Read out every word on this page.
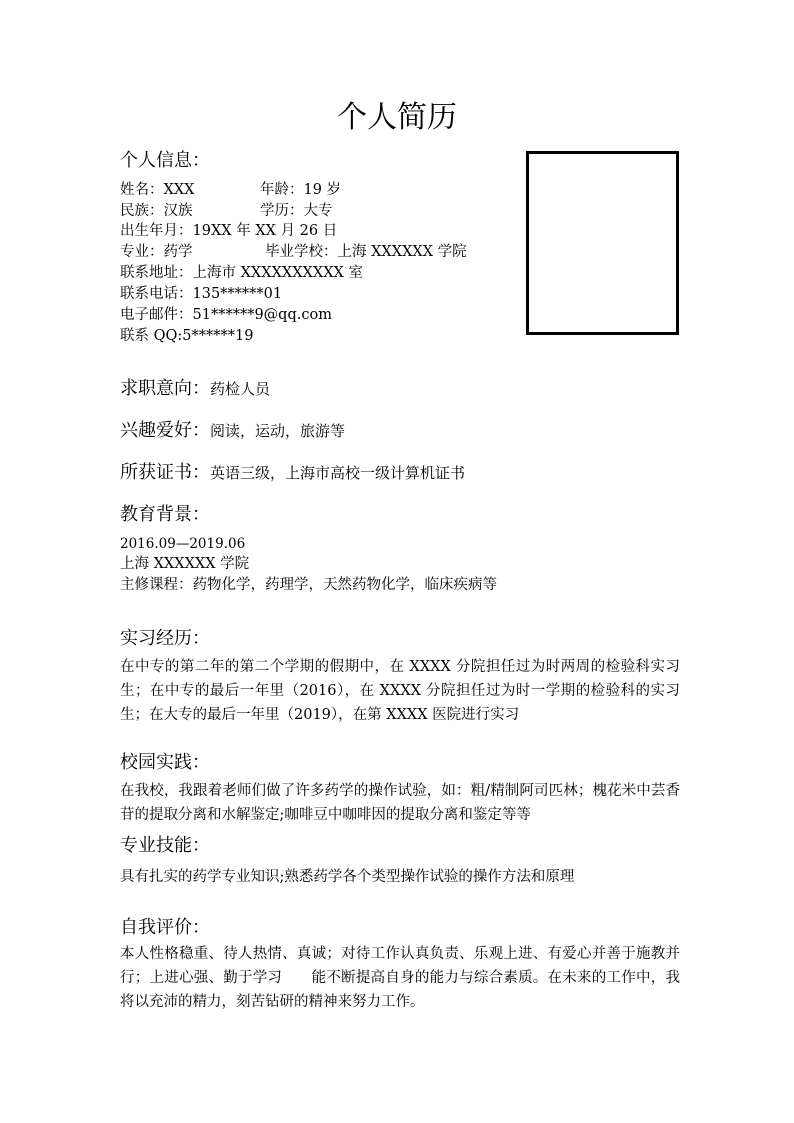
个人简历
个人信息：
姓名：XXX	年龄：19 岁
民族：汉族	学历：大专
出生年月：19XX 年 XX 月 26 日
专业：药学	毕业学校：上海 XXXXXX 学院
联系地址：上海市 XXXXXXXXXX 室
联系电话：135******01
电子邮件：51******9@qq.com
联系 QQ:5******19
求职意向：药检人员
兴趣爱好：阅读，运动，旅游等
所获证书：英语三级，上海市高校一级计算机证书
教育背景：
2016.09—2019.06
上海 XXXXXX 学院
主修课程：药物化学，药理学，天然药物化学，临床疾病等
实习经历：
在中专的第二年的第二个学期的假期中，在 XXXX 分院担任过为时两周的检验科实习生；在中专的最后一年里（2016），在 XXXX 分院担任过为时一学期的检验科的实习生；在大专的最后一年里（2019），在第 XXXX 医院进行实习
校园实践：
在我校，我跟着老师们做了许多药学的操作试验，如：粗/精制阿司匹林；槐花米中芸香苷的提取分离和水解鉴定;咖啡豆中咖啡因的提取分离和鉴定等等
专业技能：
具有扎实的药学专业知识;熟悉药学各个类型操作试验的操作方法和原理
自我评价：
本人性格稳重、待人热情、真诚；对待工作认真负责、乐观上进、有爱心并善于施教并行；上进心强、勤于学习　　能不断提高自身的能力与综合素质。在未来的工作中，我将以充沛的精力，刻苦钻研的精神来努力工作。
